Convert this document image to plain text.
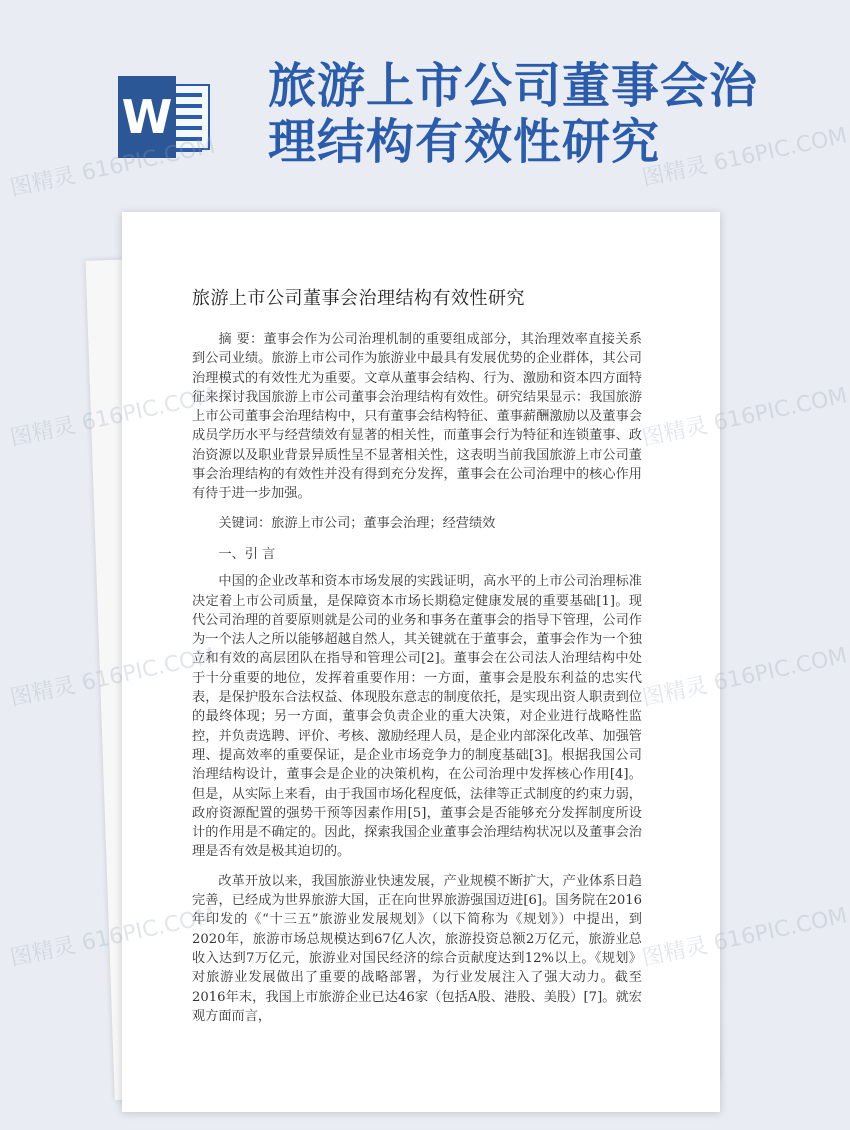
W
旅游上市公司董事会治理结构有效性研究
旅游上市公司董事会治理结构有效性研究

摘 要：董事会作为公司治理机制的重要组成部分，其治理效率直接关系到公司业绩。旅游上市公司作为旅游业中最具有发展优势的企业群体，其公司治理模式的有效性尤为重要。文章从董事会结构、行为、激励和资本四方面特征来探讨我国旅游上市公司董事会治理结构有效性。研究结果显示：我国旅游上市公司董事会治理结构中，只有董事会结构特征、董事薪酬激励以及董事会成员学历水平与经营绩效有显著的相关性，而董事会行为特征和连锁董事、政治资源以及职业背景异质性呈不显著相关性，这表明当前我国旅游上市公司董事会治理结构的有效性并没有得到充分发挥，董事会在公司治理中的核心作用有待于进一步加强。

关键词：旅游上市公司；董事会治理；经营绩效

一、引 言

中国的企业改革和资本市场发展的实践证明，高水平的上市公司治理标准决定着上市公司质量，是保障资本市场长期稳定健康发展的重要基础[1]。现代公司治理的首要原则就是公司的业务和事务在董事会的指导下管理，公司作为一个法人之所以能够超越自然人，其关键就在于董事会，董事会作为一个独立和有效的高层团队在指导和管理公司[2]。董事会在公司法人治理结构中处于十分重要的地位，发挥着重要作用：一方面，董事会是股东利益的忠实代表，是保护股东合法权益、体现股东意志的制度依托，是实现出资人职责到位的最终体现；另一方面，董事会负责企业的重大决策，对企业进行战略性监控，并负责选聘、评价、考核、激励经理人员，是企业内部深化改革、加强管理、提高效率的重要保证，是企业市场竞争力的制度基础[3]。根据我国公司治理结构设计，董事会是企业的决策机构，在公司治理中发挥核心作用[4]。但是，从实际上来看，由于我国市场化程度低，法律等正式制度的约束力弱，政府资源配置的强势干预等因素作用[5]，董事会是否能够充分发挥制度所设计的作用是不确定的。因此，探索我国企业董事会治理结构状况以及董事会治理是否有效是极其迫切的。

改革开放以来，我国旅游业快速发展，产业规模不断扩大，产业体系日趋完善，已经成为世界旅游大国，正在向世界旅游强国迈进[6]。国务院在2016年印发的《“十三五”旅游业发展规划》（以下简称为《规划》）中提出，到2020年，旅游市场总规模达到67亿人次，旅游投资总额2万亿元，旅游业总收入达到7万亿元，旅游业对国民经济的综合贡献度达到12%以上。《规划》对旅游业发展做出了重要的战略部署，为行业发展注入了强大动力。截至2016年末，我国上市旅游企业已达46家（包括A股、港股、美股）[7]。就宏观方面而言，

图精灵 616PIC.COM	图精灵 616PIC.COM
图精灵 616PIC.COM	图精灵 616PIC.COM
图精灵 616PIC.COM	图精灵 616PIC.COM
图精灵 616PIC.COM	图精灵 616PIC.COM
